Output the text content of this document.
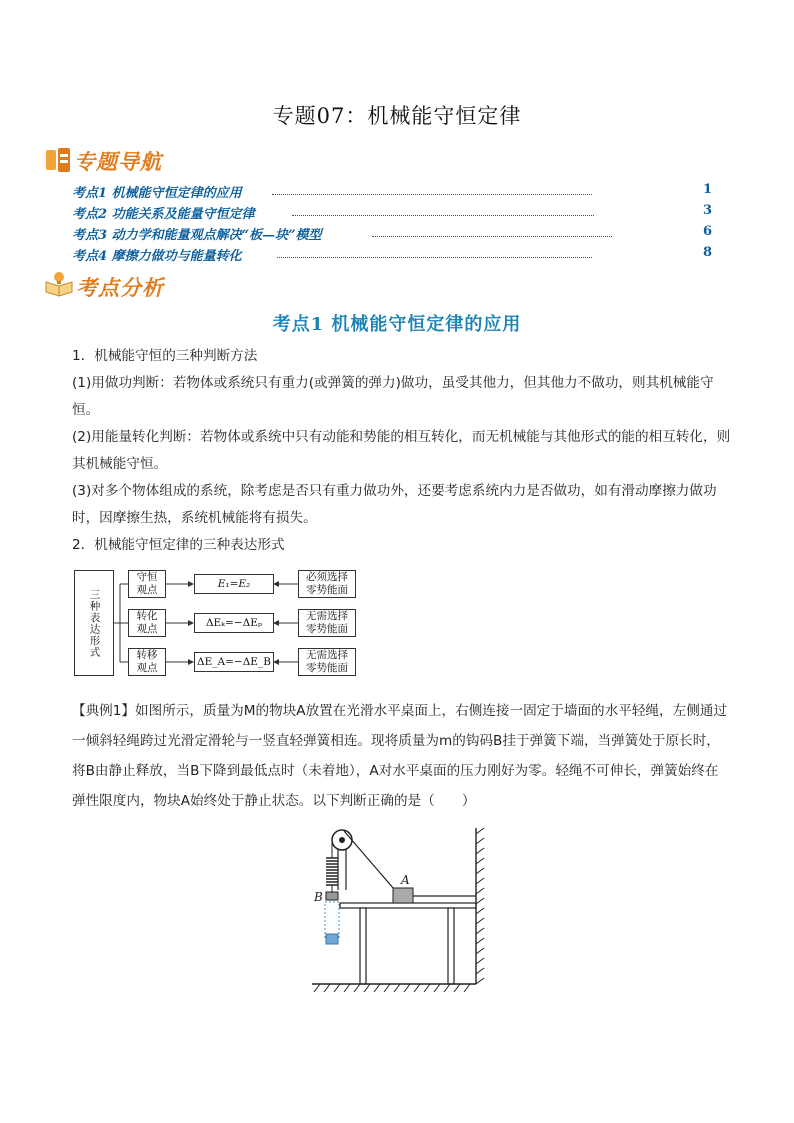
专题07：机械能守恒定律
专题导航
考点1 机械能守恒定律的应用	1
考点2 功能关系及能量守恒定律	3
考点3 动力学和能量观点解决“板—块”模型	6
考点4 摩擦力做功与能量转化	8
考点分析
考点1 机械能守恒定律的应用

1．机械能守恒的三种判断方法

(1)用做功判断：若物体或系统只有重力(或弹簧的弹力)做功，虽受其他力，但其他力不做功，则其机械能守恒。

(2)用能量转化判断：若物体或系统中只有动能和势能的相互转化，而无机械能与其他形式的能的相互转化，则其机械能守恒。

(3)对多个物体组成的系统，除考虑是否只有重力做功外，还要考虑系统内力是否做功，如有滑动摩擦力做功时，因摩擦生热，系统机械能将有损失。

2．机械能守恒定律的三种表达形式

三种表达形式
守恒观点
E₁=E₂
必须选择零势能面
转化观点
ΔEₖ=−ΔEₚ
无需选择零势能面
转移观点
ΔE_A=−ΔE_B
无需选择零势能面

【典例1】如图所示，质量为M的物块A放置在光滑水平桌面上，右侧连接一固定于墙面的水平轻绳，左侧通过一倾斜轻绳跨过光滑定滑轮与一竖直轻弹簧相连。现将质量为m的钩码B挂于弹簧下端，当弹簧处于原长时，将B由静止释放，当B下降到最低点时（未着地），A对水平桌面的压力刚好为零。轻绳不可伸长，弹簧始终在弹性限度内，物块A始终处于静止状态。以下判断正确的是（　　）

B
A
